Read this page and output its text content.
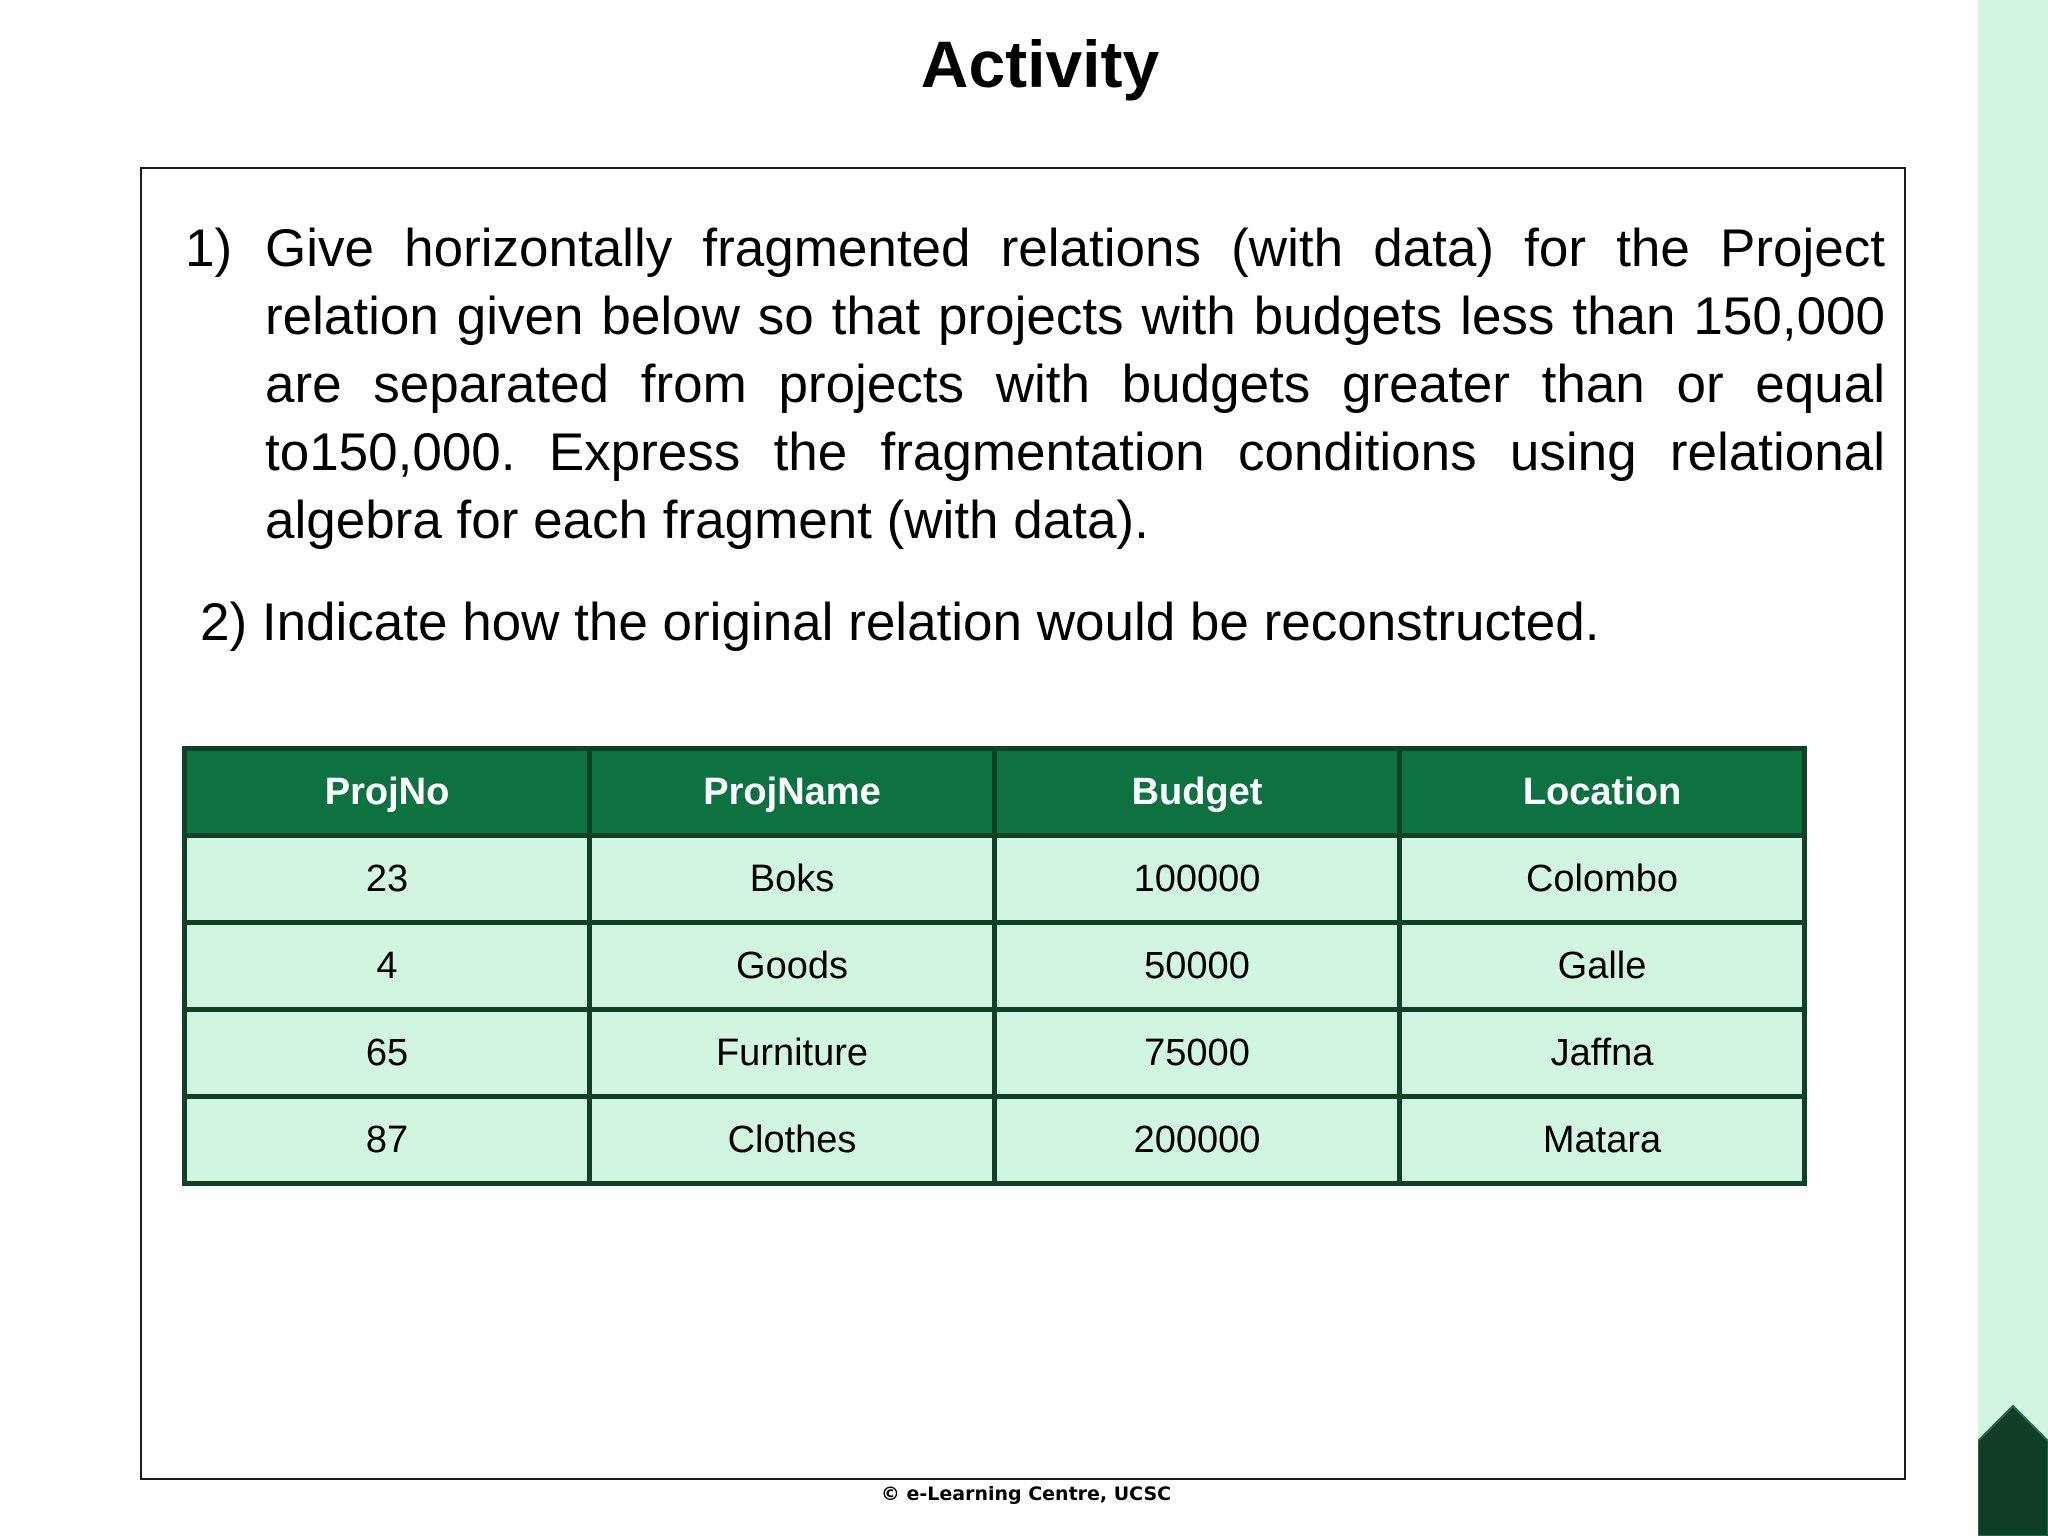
Activity
1) Give horizontally fragmented relations (with data) for the Project relation given below so that projects with budgets less than 150,000 are separated from projects with budgets greater than or equal to150,000. Express the fragmentation conditions using relational algebra for each fragment (with data).
2) Indicate how the original relation would be reconstructed.
ProjNo	ProjName	Budget	Location
23	Boks	100000	Colombo
4	Goods	50000	Galle
65	Furniture	75000	Jaffna
87	Clothes	200000	Matara
© e-Learning Centre, UCSC
